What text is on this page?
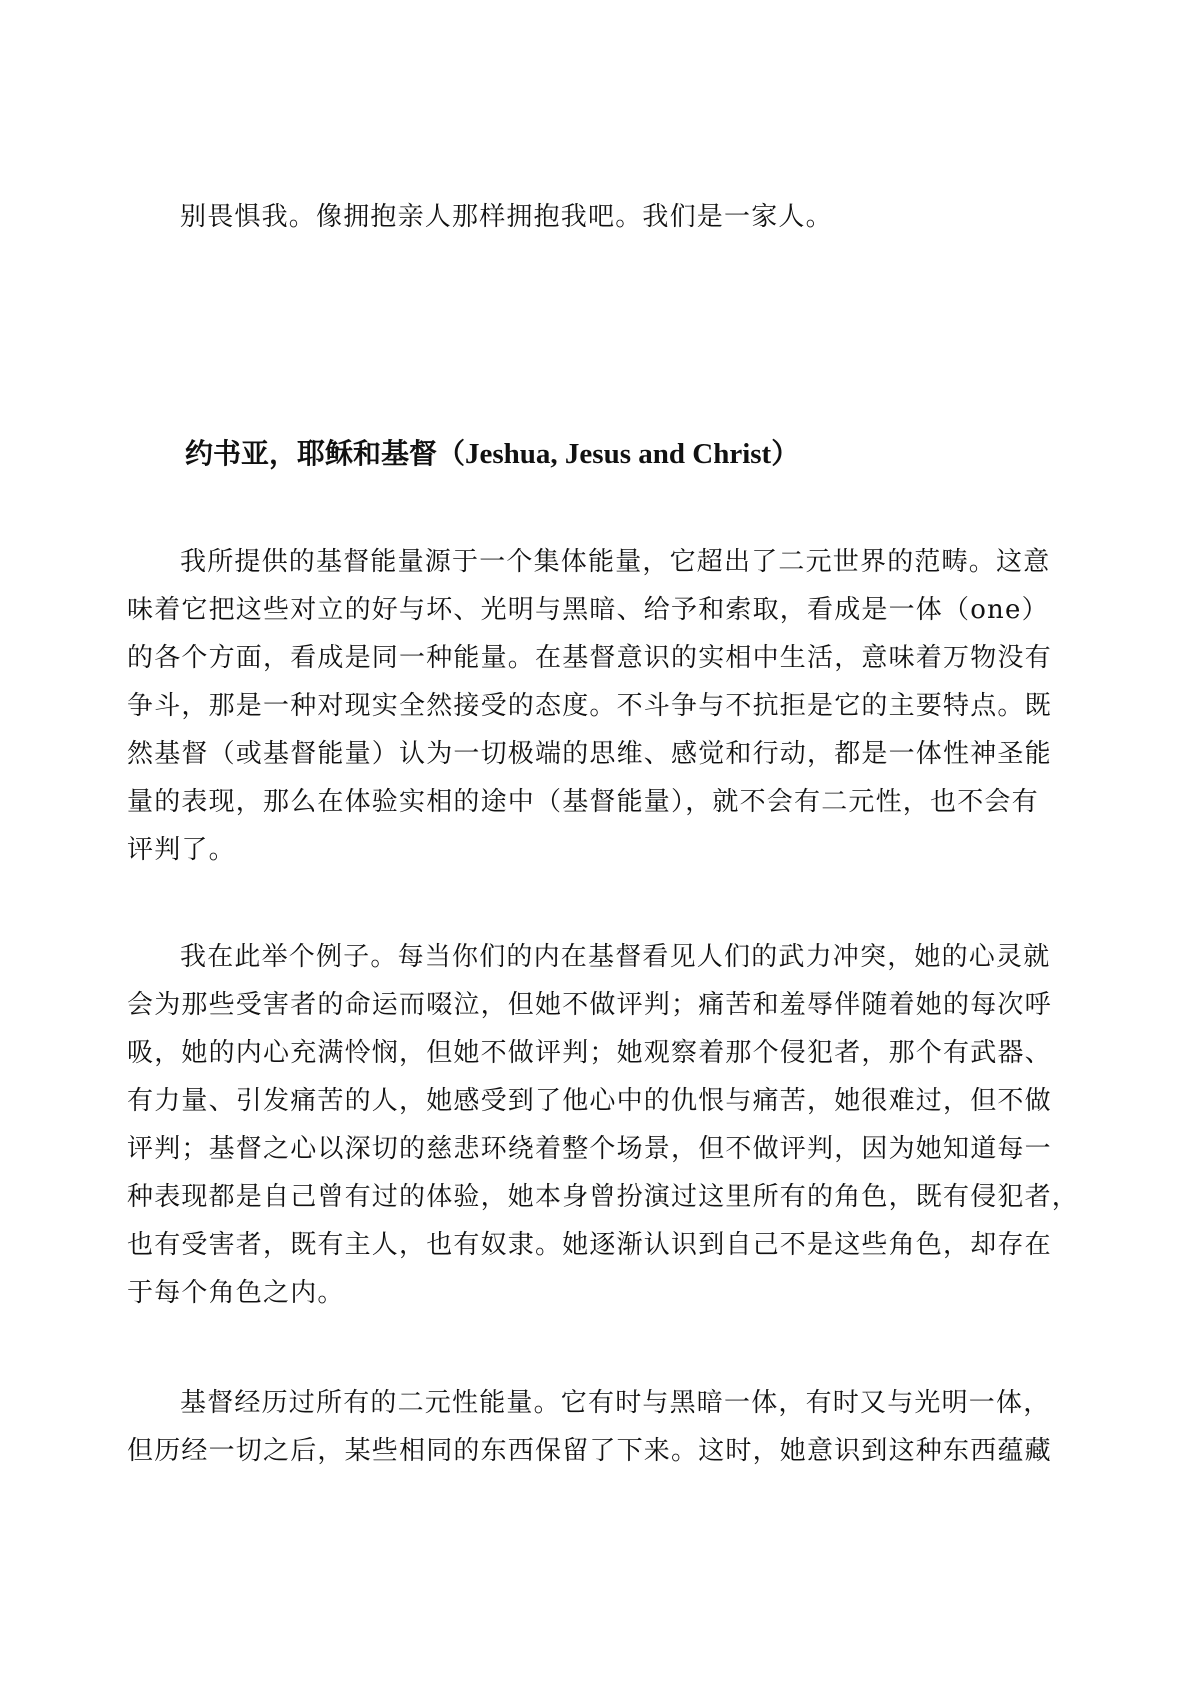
别畏惧我。像拥抱亲人那样拥抱我吧。我们是一家人。
约书亚，耶稣和基督（Jeshua, Jesus and Christ）
我所提供的基督能量源于一个集体能量，它超出了二元世界的范畴。这意
味着它把这些对立的好与坏、光明与黑暗、给予和索取，看成是一体（one）
的各个方面，看成是同一种能量。在基督意识的实相中生活，意味着万物没有
争斗，那是一种对现实全然接受的态度。不斗争与不抗拒是它的主要特点。既
然基督（或基督能量）认为一切极端的思维、感觉和行动，都是一体性神圣能
量的表现，那么在体验实相的途中（基督能量），就不会有二元性，也不会有
评判了。
我在此举个例子。每当你们的内在基督看见人们的武力冲突，她的心灵就
会为那些受害者的命运而啜泣，但她不做评判；痛苦和羞辱伴随着她的每次呼
吸，她的内心充满怜悯，但她不做评判；她观察着那个侵犯者，那个有武器、
有力量、引发痛苦的人，她感受到了他心中的仇恨与痛苦，她很难过，但不做
评判；基督之心以深切的慈悲环绕着整个场景，但不做评判，因为她知道每一
种表现都是自己曾有过的体验，她本身曾扮演过这里所有的角色，既有侵犯者，
也有受害者，既有主人，也有奴隶。她逐渐认识到自己不是这些角色，却存在
于每个角色之内。
基督经历过所有的二元性能量。它有时与黑暗一体，有时又与光明一体，
但历经一切之后，某些相同的东西保留了下来。这时，她意识到这种东西蕴藏
